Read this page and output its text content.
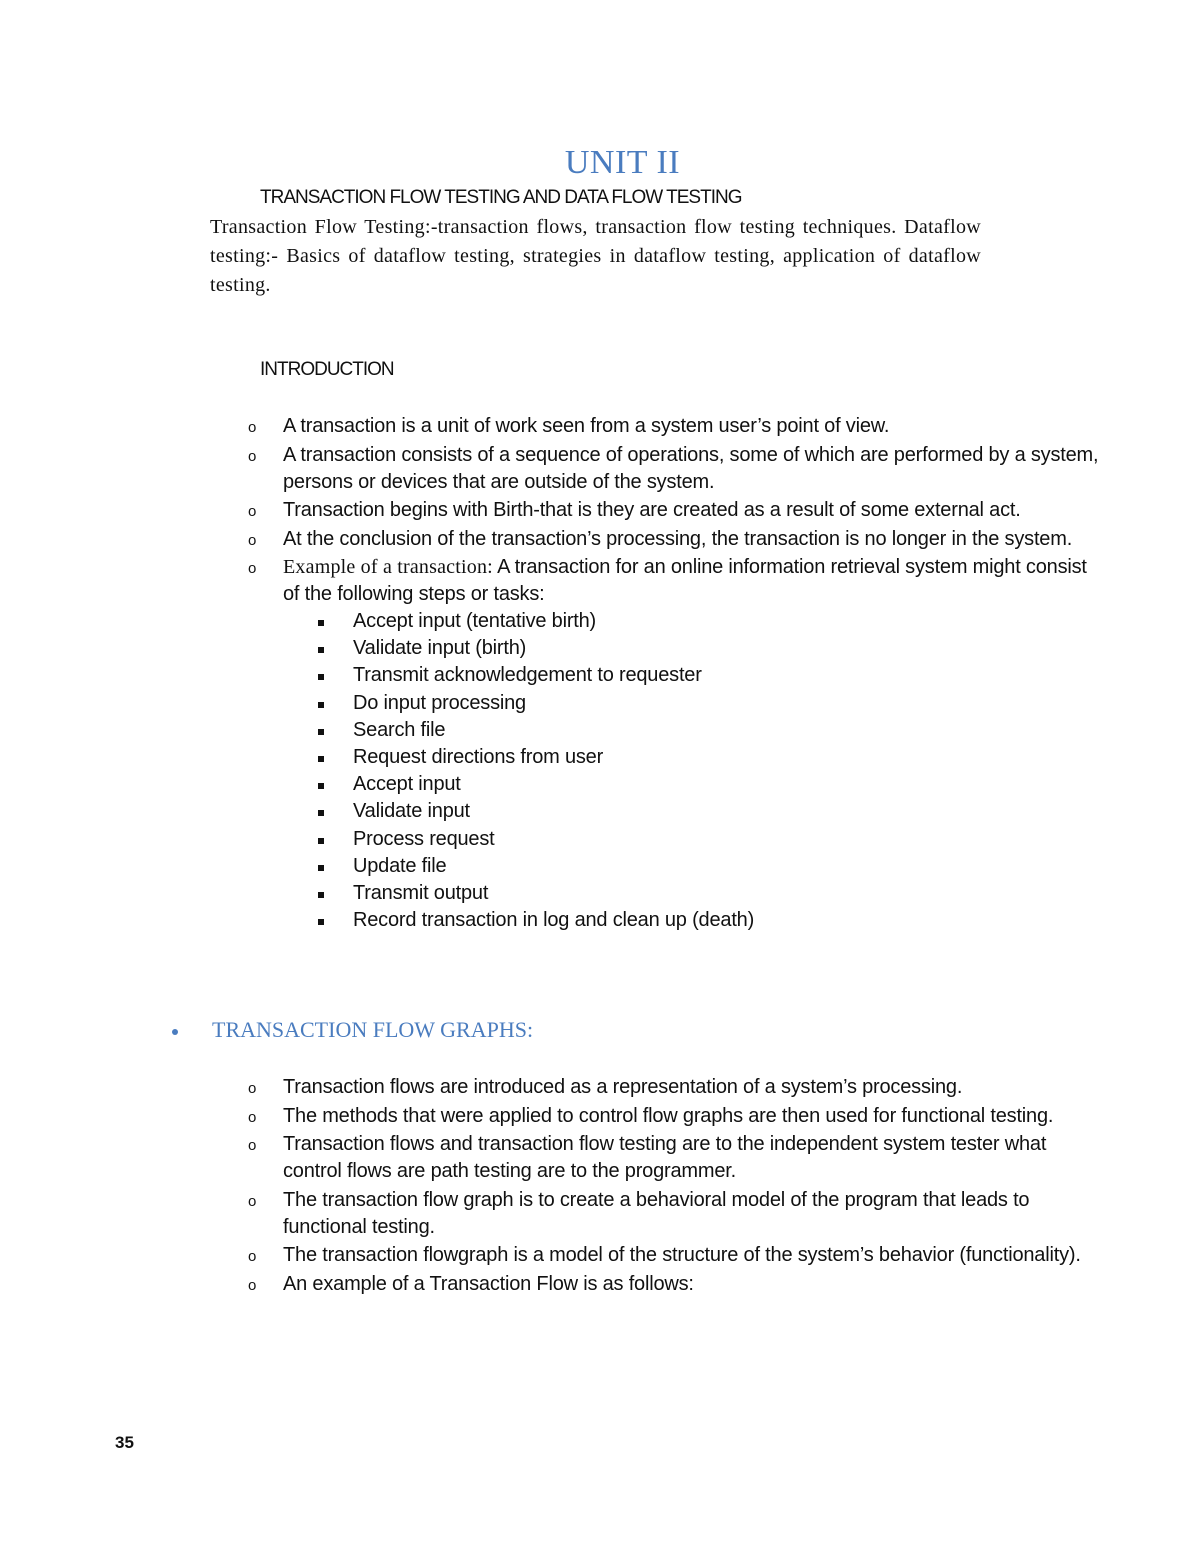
UNIT II
TRANSACTION FLOW TESTING AND DATA FLOW TESTING

Transaction Flow Testing:-transaction flows, transaction flow testing techniques. Dataflow testing:- Basics of dataflow testing, strategies in dataflow testing, application of dataflow testing.

INTRODUCTION
o A transaction is a unit of work seen from a system user’s point of view.
o A transaction consists of a sequence of operations, some of which are performed by a system, persons or devices that are outside of the system.
o Transaction begins with Birth-that is they are created as a result of some external act.
o At the conclusion of the transaction’s processing, the transaction is no longer in the system.
o Example of a transaction: A transaction for an online information retrieval system might consist of the following steps or tasks:
Accept input (tentative birth)
Validate input (birth)
Transmit acknowledgement to requester
Do input processing
Search file
Request directions from user
Accept input
Validate input
Process request
Update file
Transmit output
Record transaction in log and clean up (death)
TRANSACTION FLOW GRAPHS:
o Transaction flows are introduced as a representation of a system’s processing.
o The methods that were applied to control flow graphs are then used for functional testing.
o Transaction flows and transaction flow testing are to the independent system tester what control flows are path testing are to the programmer.
o The transaction flow graph is to create a behavioral model of the program that leads to functional testing.
o The transaction flowgraph is a model of the structure of the system’s behavior (functionality).
o An example of a Transaction Flow is as follows:
35
